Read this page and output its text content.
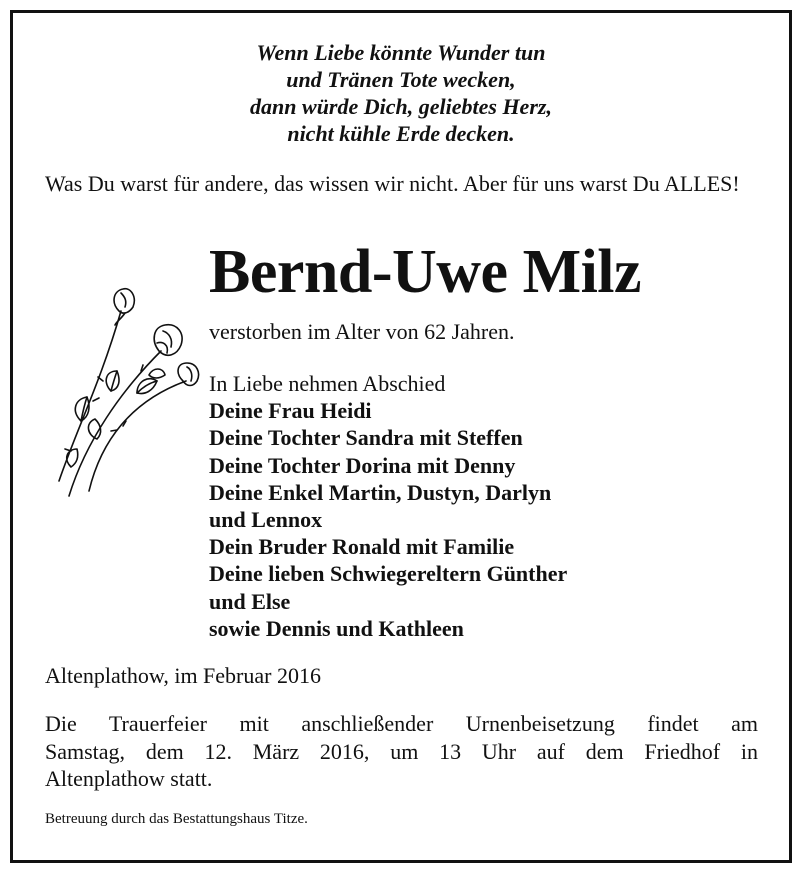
Wenn Liebe könnte Wunder tun
und Tränen Tote wecken,
dann würde Dich, geliebtes Herz,
nicht kühle Erde decken.
Was Du warst für andere, das wissen wir nicht. Aber für uns warst Du ALLES!
Bernd-Uwe Milz
verstorben im Alter von 62 Jahren.
In Liebe nehmen Abschied
Deine Frau Heidi
Deine Tochter Sandra mit Steffen
Deine Tochter Dorina mit Denny
Deine Enkel Martin, Dustyn, Darlyn
und Lennox
Dein Bruder Ronald mit Familie
Deine lieben Schwiegereltern Günther
und Else
sowie Dennis und Kathleen
Altenplathow, im Februar 2016
Die Trauerfeier mit anschließender Urnenbeisetzung findet am
Samstag, dem 12. März 2016, um 13 Uhr auf dem Friedhof in
Altenplathow statt.
Betreuung durch das Bestattungshaus Titze.
